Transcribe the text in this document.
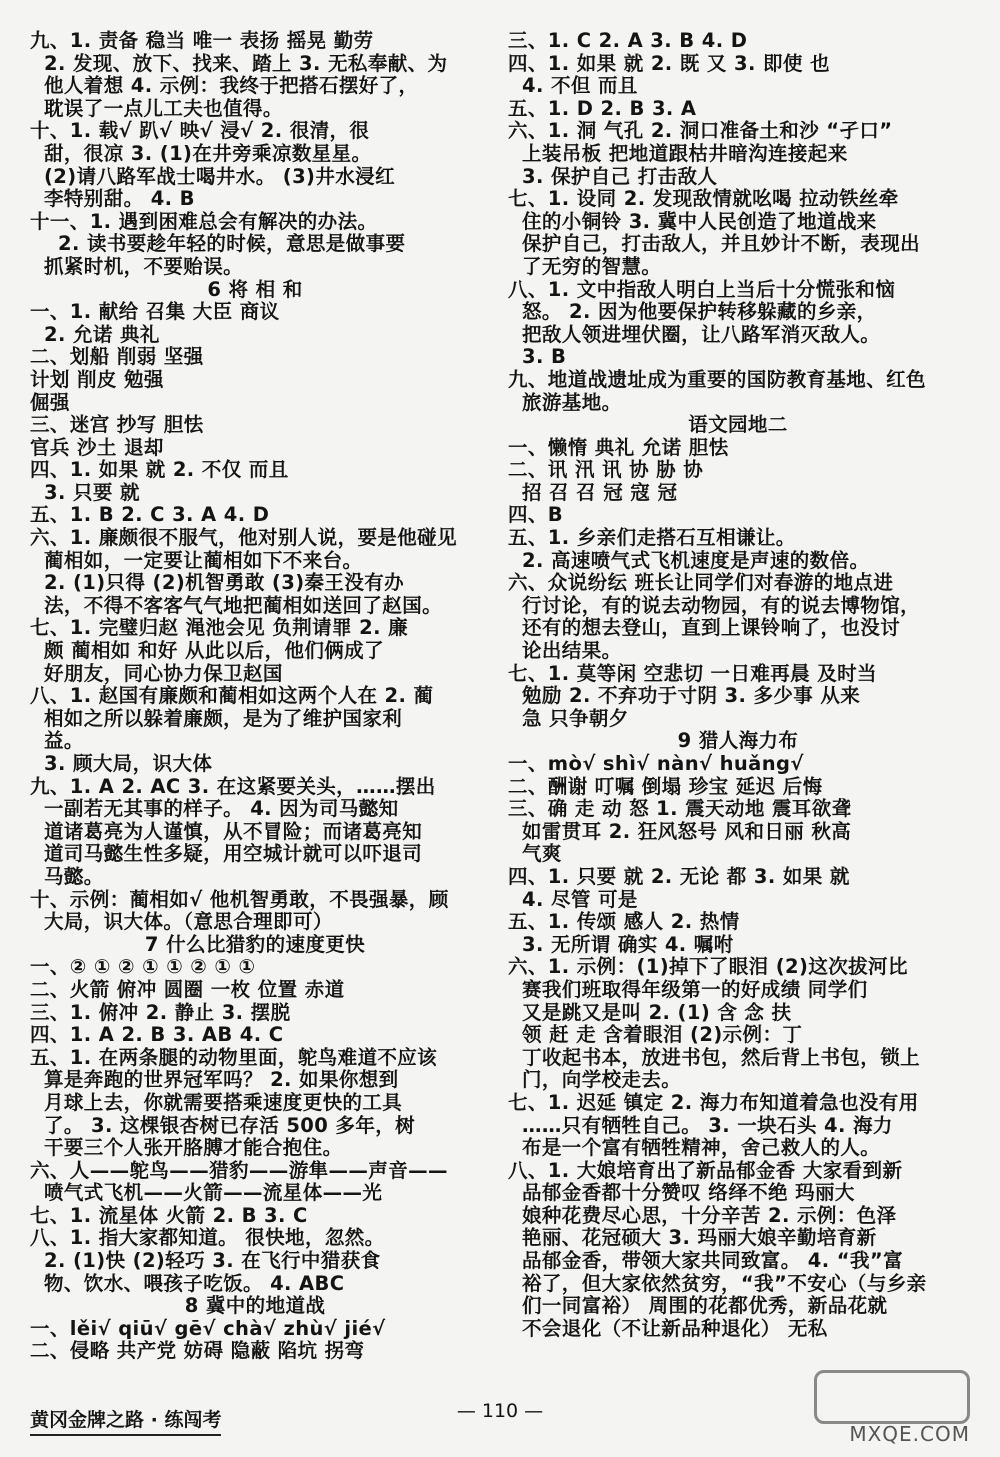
九、1. 责备 稳当 唯一 表扬 摇晃 勤劳
2. 发现、放下、找来、踏上 3. 无私奉献、为
他人着想 4. 示例：我终于把搭石摆好了，
耽误了一点儿工夫也值得。
十、1. 载√ 趴√ 映√ 浸√ 2. 很清，很
甜，很凉 3. (1)在井旁乘凉数星星。
(2)请八路军战士喝井水。 (3)井水浸红
李特别甜。 4. B
十一、1. 遇到困难总会有解决的办法。
2. 读书要趁年轻的时候，意思是做事要
抓紧时机，不要贻误。
6 将 相 和
一、1. 献给 召集 大臣 商议
2. 允诺 典礼
二、划船 削弱 坚强
计划 削皮 勉强
倔强
三、迷宫 抄写 胆怯
官兵 沙土 退却
四、1. 如果 就 2. 不仅 而且
3. 只要 就
五、1. B 2. C 3. A 4. D
六、1. 廉颇很不服气，他对别人说，要是他碰见
蔺相如，一定要让蔺相如下不来台。
2. (1)只得 (2)机智勇敢 (3)秦王没有办
法，不得不客客气气地把蔺相如送回了赵国。
七、1. 完璧归赵 渑池会见 负荆请罪 2. 廉
颇 蔺相如 和好 从此以后，他们俩成了
好朋友，同心协力保卫赵国
八、1. 赵国有廉颇和蔺相如这两个人在 2. 蔺
相如之所以躲着廉颇，是为了维护国家利
益。
3. 顾大局，识大体
九、1. A 2. AC 3. 在这紧要关头，……摆出
一副若无其事的样子。 4. 因为司马懿知
道诸葛亮为人谨慎，从不冒险；而诸葛亮知
道司马懿生性多疑，用空城计就可以吓退司
马懿。
十、示例：蔺相如√ 他机智勇敢，不畏强暴，顾
大局，识大体。（意思合理即可）
7 什么比猎豹的速度更快
一、② ① ② ① ① ② ① ①
二、火箭 俯冲 圆圈 一枚 位置 赤道
三、1. 俯冲 2. 静止 3. 摆脱
四、1. A 2. B 3. AB 4. C
五、1. 在两条腿的动物里面，鸵鸟难道不应该
算是奔跑的世界冠军吗？ 2. 如果你想到
月球上去，你就需要搭乘速度更快的工具
了。 3. 这棵银杏树已存活 500 多年，树
干要三个人张开胳膊才能合抱住。
六、人——鸵鸟——猎豹——游隼——声音——
喷气式飞机——火箭——流星体——光
七、1. 流星体 火箭 2. B 3. C
八、1. 指大家都知道。 很快地，忽然。
2. (1)快 (2)轻巧 3. 在飞行中猎获食
物、饮水、喂孩子吃饭。 4. ABC
8 冀中的地道战
一、lěi√ qiū√ gē√ chà√ zhù√ jié√
二、侵略 共产党 妨碍 隐蔽 陷坑 拐弯
三、1. C 2. A 3. B 4. D
四、1. 如果 就 2. 既 又 3. 即使 也
4. 不但 而且
五、1. D 2. B 3. A
六、1. 洞 气孔 2. 洞口准备土和沙 “孑口”
上装吊板 把地道跟枯井暗沟连接起来
3. 保护自己 打击敌人
七、1. 设同 2. 发现敌情就吆喝 拉动铁丝牵
住的小铜铃 3. 冀中人民创造了地道战来
保护自己，打击敌人，并且妙计不断，表现出
了无穷的智慧。
八、1. 文中指敌人明白上当后十分慌张和恼
怒。 2. 因为他要保护转移躲藏的乡亲，
把敌人领进埋伏圈，让八路军消灭敌人。
3. B
九、地道战遗址成为重要的国防教育基地、红色
旅游基地。
语文园地二
一、懒惰 典礼 允诺 胆怯
二、讯 汛 讯 协 胁 协
招 召 召 冠 寇 冠
四、B
五、1. 乡亲们走搭石互相谦让。
2. 高速喷气式飞机速度是声速的数倍。
六、众说纷纭 班长让同学们对春游的地点进
行讨论，有的说去动物园，有的说去博物馆，
还有的想去登山，直到上课铃响了，也没讨
论出结果。
七、1. 莫等闲 空悲切 一日难再晨 及时当
勉励 2. 不弃功于寸阴 3. 多少事 从来
急 只争朝夕
9 猎人海力布
一、mò√ shì√ nàn√ huǎng√
二、酬谢 叮嘱 倒塌 珍宝 延迟 后悔
三、确 走 动 怒 1. 震天动地 震耳欲聋
如雷贯耳 2. 狂风怒号 风和日丽 秋高
气爽
四、1. 只要 就 2. 无论 都 3. 如果 就
4. 尽管 可是
五、1. 传颂 感人 2. 热情
3. 无所谓 确实 4. 嘱咐
六、1. 示例：(1)掉下了眼泪 (2)这次拔河比
赛我们班取得年级第一的好成绩 同学们
又是跳又是叫 2. (1) 含 念 扶
领 赶 走 含着眼泪 (2)示例：丁
丁收起书本，放进书包，然后背上书包，锁上
门，向学校走去。
七、1. 迟延 镇定 2. 海力布知道着急也没有用
……只有牺牲自己。 3. 一块石头 4. 海力
布是一个富有牺牲精神，舍己救人的人。
八、1. 大娘培育出了新品郁金香 大家看到新
品郁金香都十分赞叹 络绎不绝 玛丽大
娘种花费尽心思，十分辛苦 2. 示例：色泽
艳丽、花冠硕大 3. 玛丽大娘辛勤培育新
品郁金香，带领大家共同致富。 4. “我”富
裕了，但大家依然贫穷，“我”不安心（与乡亲
们一同富裕） 周围的花都优秀，新品花就
不会退化（不让新品种退化） 无私
黄冈金牌之路 · 练闯考	— 110 —
MXQE.COM
